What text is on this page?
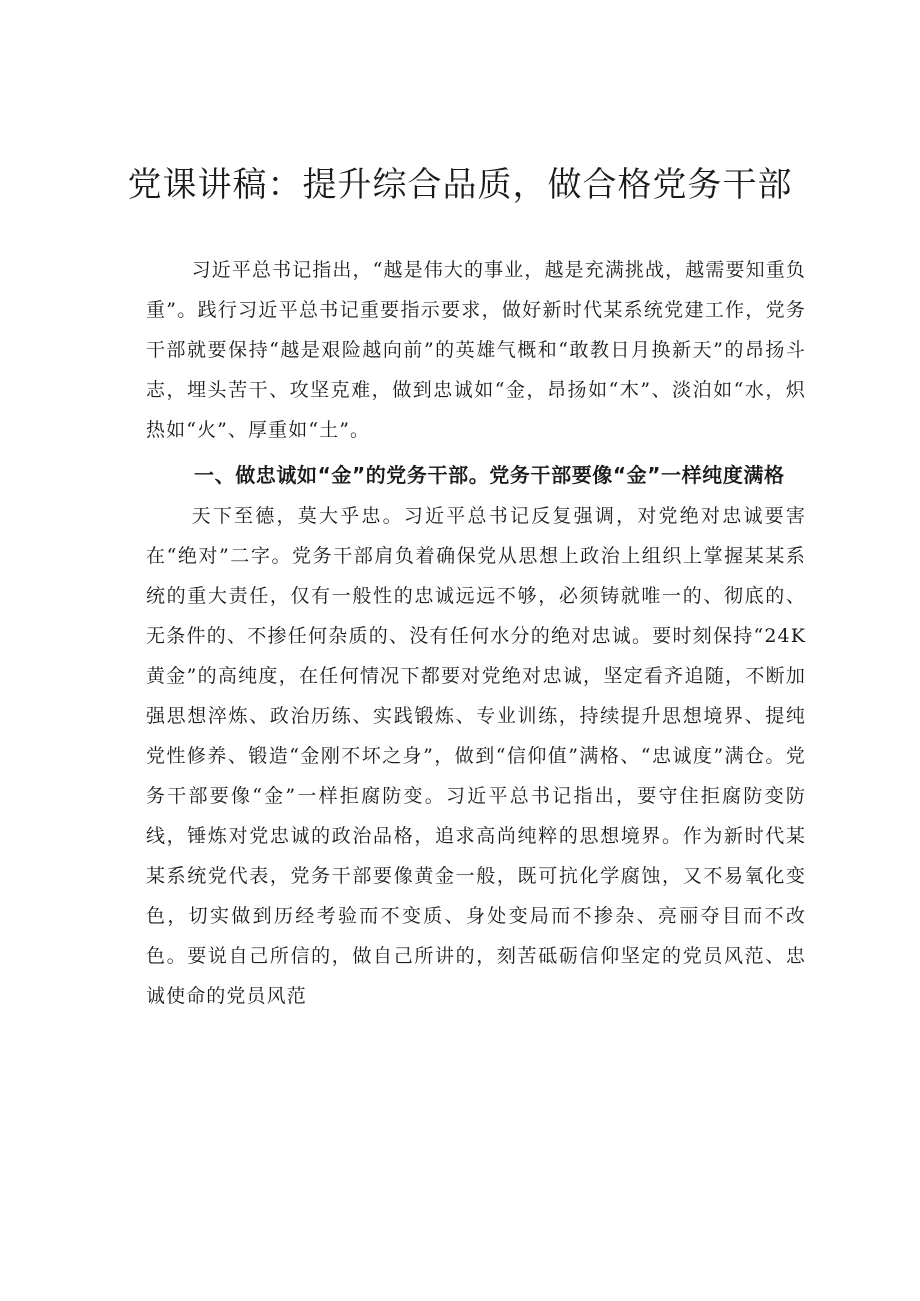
党课讲稿：提升综合品质，做合格党务干部

习近平总书记指出，“越是伟大的事业，越是充满挑战，越需要知重负重”。践行习近平总书记重要指示要求，做好新时代某系统党建工作，党务干部就要保持“越是艰险越向前”的英雄气概和“敢教日月换新天”的昂扬斗志，埋头苦干、攻坚克难，做到忠诚如“金，昂扬如“木”、淡泊如“水，炽热如“火”、厚重如“土”。

一、做忠诚如“金”的党务干部。党务干部要像“金”一样纯度满格

天下至德，莫大乎忠。习近平总书记反复强调，对党绝对忠诚要害在“绝对”二字。党务干部肩负着确保党从思想上政治上组织上掌握某某系统的重大责任，仅有一般性的忠诚远远不够，必须铸就唯一的、彻底的、无条件的、不掺任何杂质的、没有任何水分的绝对忠诚。要时刻保持“24K黄金”的高纯度，在任何情况下都要对党绝对忠诚，坚定看齐追随，不断加强思想淬炼、政治历练、实践锻炼、专业训练，持续提升思想境界、提纯党性修养、锻造“金刚不坏之身”，做到“信仰值”满格、“忠诚度”满仓。党务干部要像“金”一样拒腐防变。习近平总书记指出，要守住拒腐防变防线，锤炼对党忠诚的政治品格，追求高尚纯粹的思想境界。作为新时代某某系统党代表，党务干部要像黄金一般，既可抗化学腐蚀，又不易氧化变色，切实做到历经考验而不变质、身处变局而不掺杂、亮丽夺目而不改色。要说自己所信的，做自己所讲的，刻苦砥砺信仰坚定的党员风范、忠诚使命的党员风范
